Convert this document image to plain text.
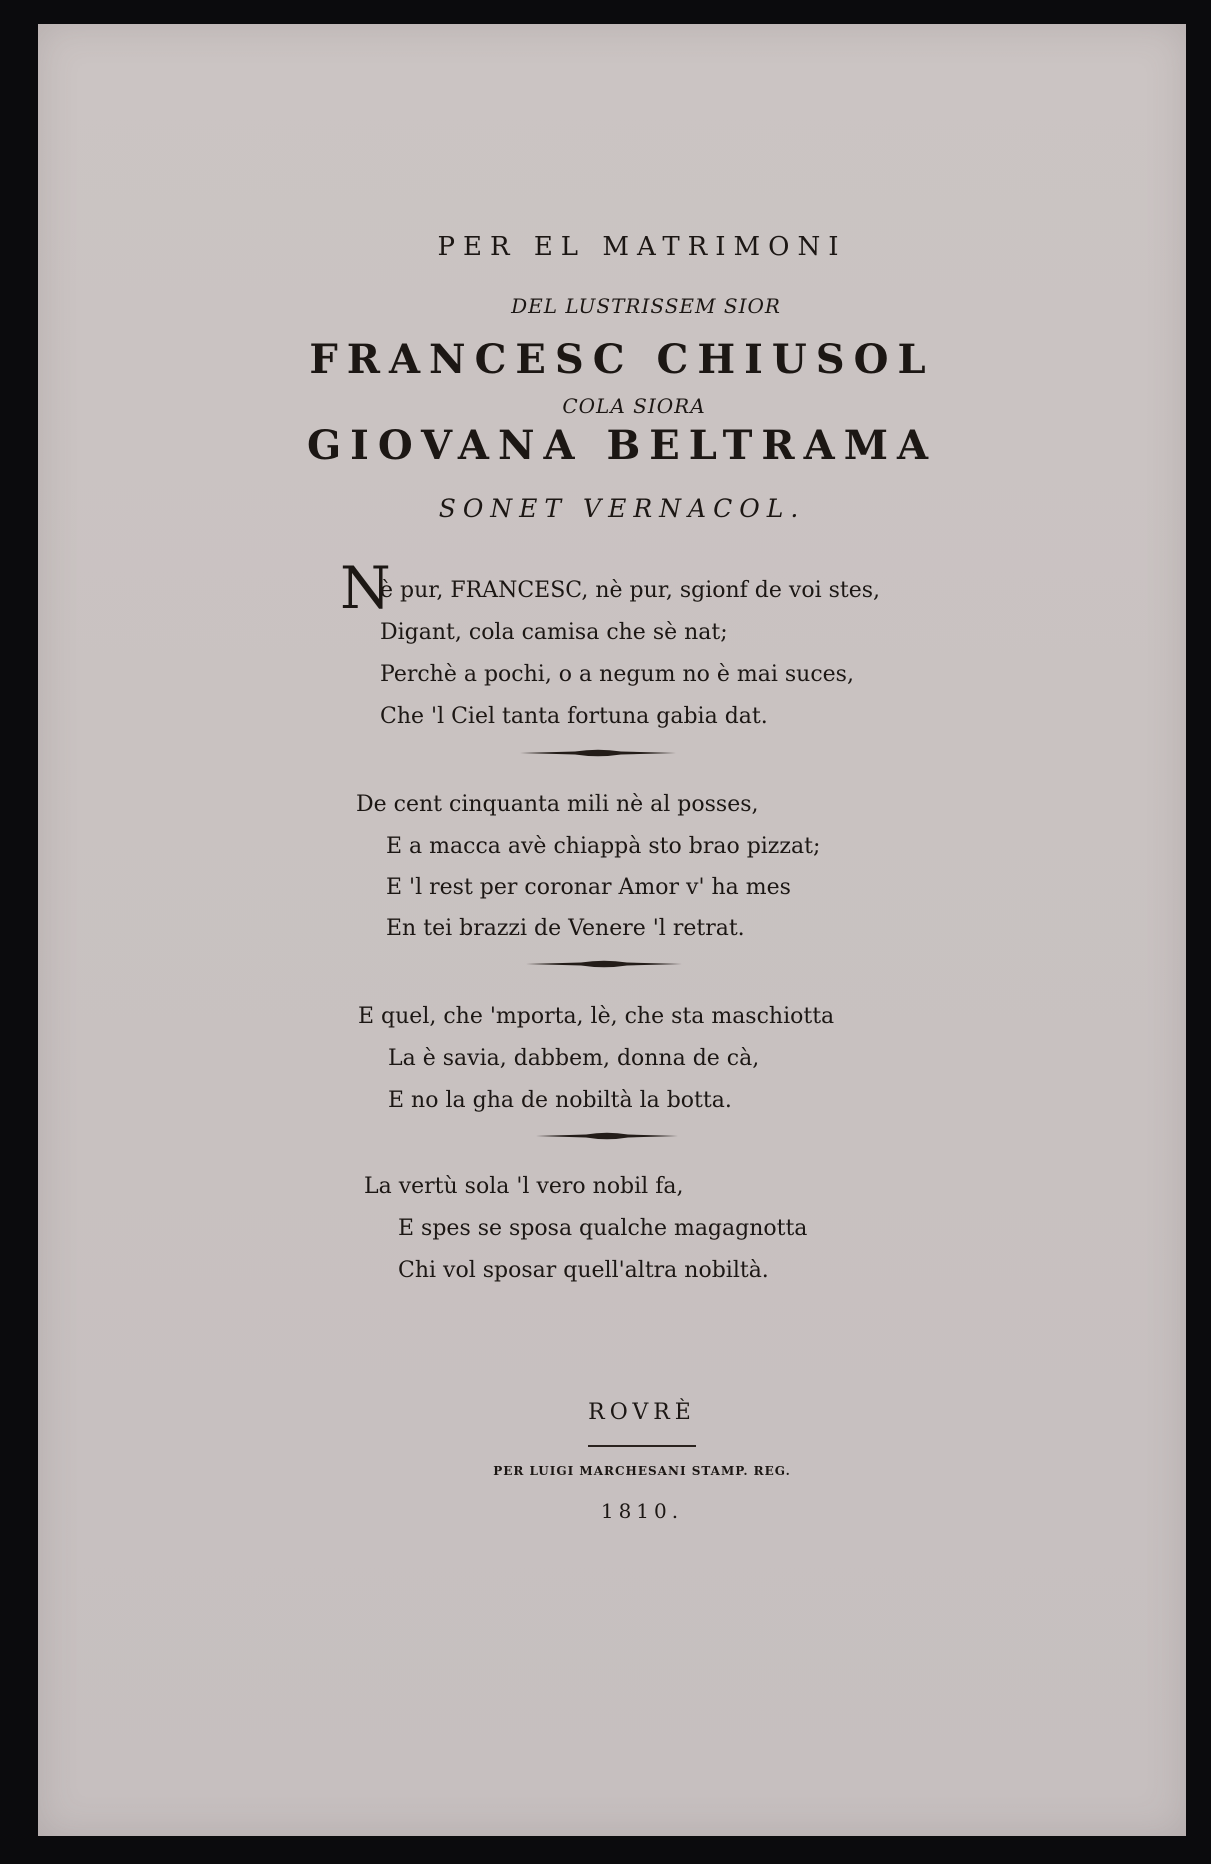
PER EL MATRIMONI
DEL LUSTRISSEM SIOR
FRANCESC CHIUSOL
COLA SIORA
GIOVANA BELTRAMA
SONET VERNACOL.
N
è pur, FRANCESC, nè pur, sgionf de voi stes,
Digant, cola camisa che sè nat;
Perchè a pochi, o a negum no è mai suces,
Che 'l Ciel tanta fortuna gabia dat.
De cent cinquanta mili nè al posses,
E a macca avè chiappà sto brao pizzat;
E 'l rest per coronar Amor v' ha mes
En tei brazzi de Venere 'l retrat.
E quel, che 'mporta, lè, che sta maschiotta
La è savia, dabbem, donna de cà,
E no la gha de nobiltà la botta.
La vertù sola 'l vero nobil fa,
E spes se sposa qualche magagnotta
Chi vol sposar quell'altra nobiltà.
ROVRÈ
PER LUIGI MARCHESANI STAMP. REG.
1810.
